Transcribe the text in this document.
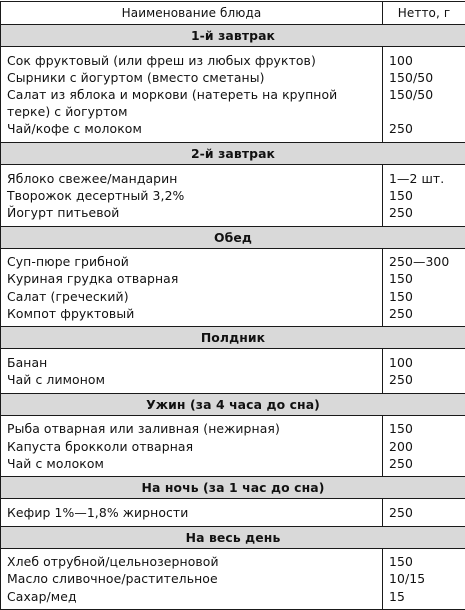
Наименование блюда	Нетто, г
1-й завтрак	

Сок фруктовый (или фреш из любых фруктов)	100
Сырники с йогуртом (вместо сметаны)	150/50
Салат из яблока и моркови (натереть на крупной терке) с йогуртом	150/50
Чай/кофе с молоком	250

2-й завтрак	

Яблоко свежее/мандарин	1—2 шт.
Творожок десертный 3,2%	150
Йогурт питьевой	250

Обед	

Суп-пюре грибной	250—300
Куриная грудка отварная	150
Салат (греческий)	150
Компот фруктовый	250

Полдник	

Банан	100
Чай с лимоном	250

Ужин (за 4 часа до сна)	

Рыба отварная или заливная (нежирная)	150
Капуста брокколи отварная	200
Чай с молоком	250

На ночь (за 1 час до сна)	

Кефир 1%—1,8% жирности	250

На весь день	

Хлеб отрубной/цельнозерновой	150
Масло сливочное/растительное	10/15
Сахар/мед	15
